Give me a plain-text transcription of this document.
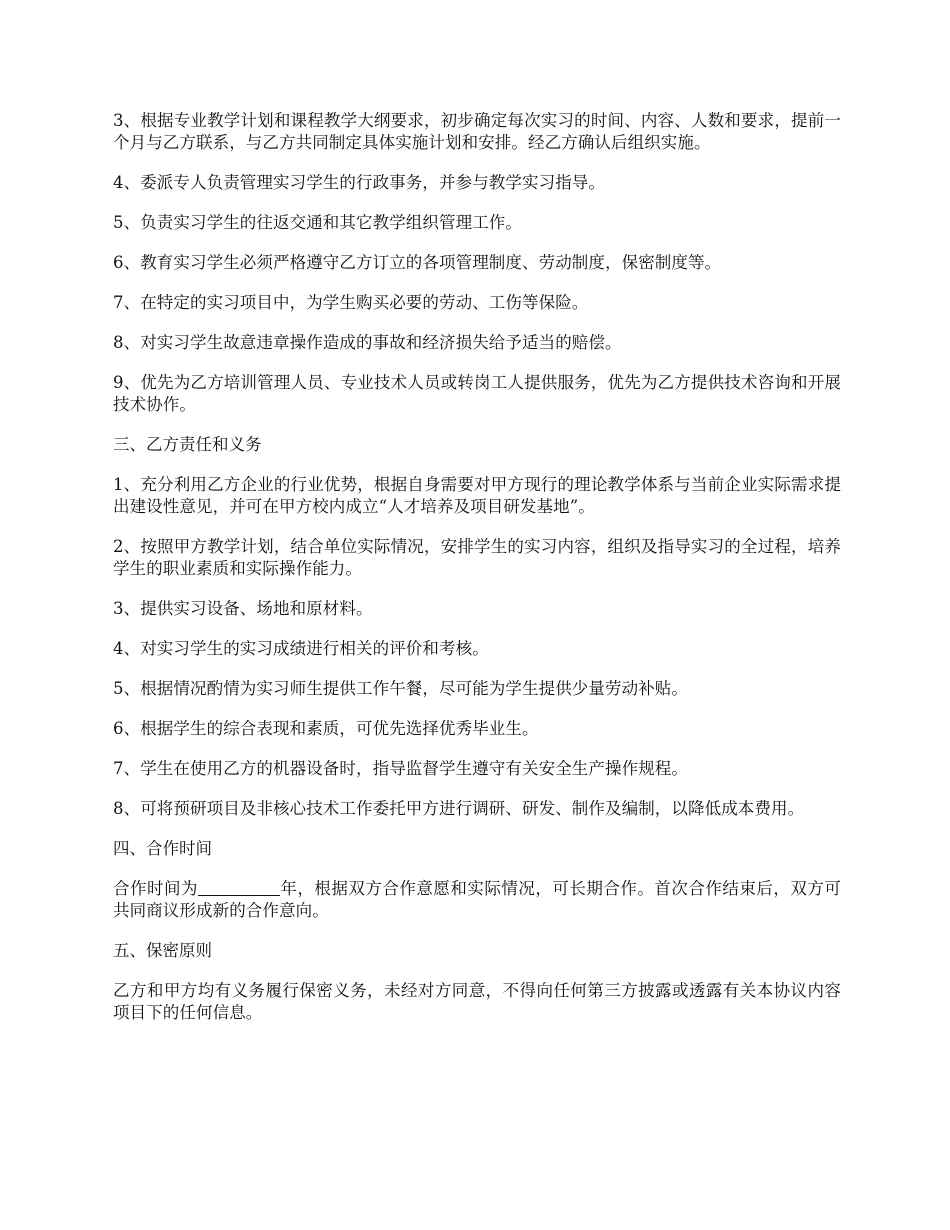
3、根据专业教学计划和课程教学大纲要求，初步确定每次实习的时间、内容、人数和要求，提前一个月与乙方联系，与乙方共同制定具体实施计划和安排。经乙方确认后组织实施。

4、委派专人负责管理实习学生的行政事务，并参与教学实习指导。

5、负责实习学生的往返交通和其它教学组织管理工作。

6、教育实习学生必须严格遵守乙方订立的各项管理制度、劳动制度，保密制度等。

7、在特定的实习项目中，为学生购买必要的劳动、工伤等保险。

8、对实习学生故意违章操作造成的事故和经济损失给予适当的赔偿。

9、优先为乙方培训管理人员、专业技术人员或转岗工人提供服务，优先为乙方提供技术咨询和开展技术协作。

三、乙方责任和义务

1、充分利用乙方企业的行业优势，根据自身需要对甲方现行的理论教学体系与当前企业实际需求提出建设性意见，并可在甲方校内成立“人才培养及项目研发基地”。

2、按照甲方教学计划，结合单位实际情况，安排学生的实习内容，组织及指导实习的全过程，培养学生的职业素质和实际操作能力。

3、提供实习设备、场地和原材料。

4、对实习学生的实习成绩进行相关的评价和考核。

5、根据情况酌情为实习师生提供工作午餐，尽可能为学生提供少量劳动补贴。

6、根据学生的综合表现和素质，可优先选择优秀毕业生。

7、学生在使用乙方的机器设备时，指导监督学生遵守有关安全生产操作规程。

8、可将预研项目及非核心技术工作委托甲方进行调研、研发、制作及编制，以降低成本费用。

四、合作时间

合作时间为	年，根据双方合作意愿和实际情况，可长期合作。首次合作结束后，双方可共同商议形成新的合作意向。

五、保密原则

乙方和甲方均有义务履行保密义务，未经对方同意，不得向任何第三方披露或透露有关本协议内容项目下的任何信息。
